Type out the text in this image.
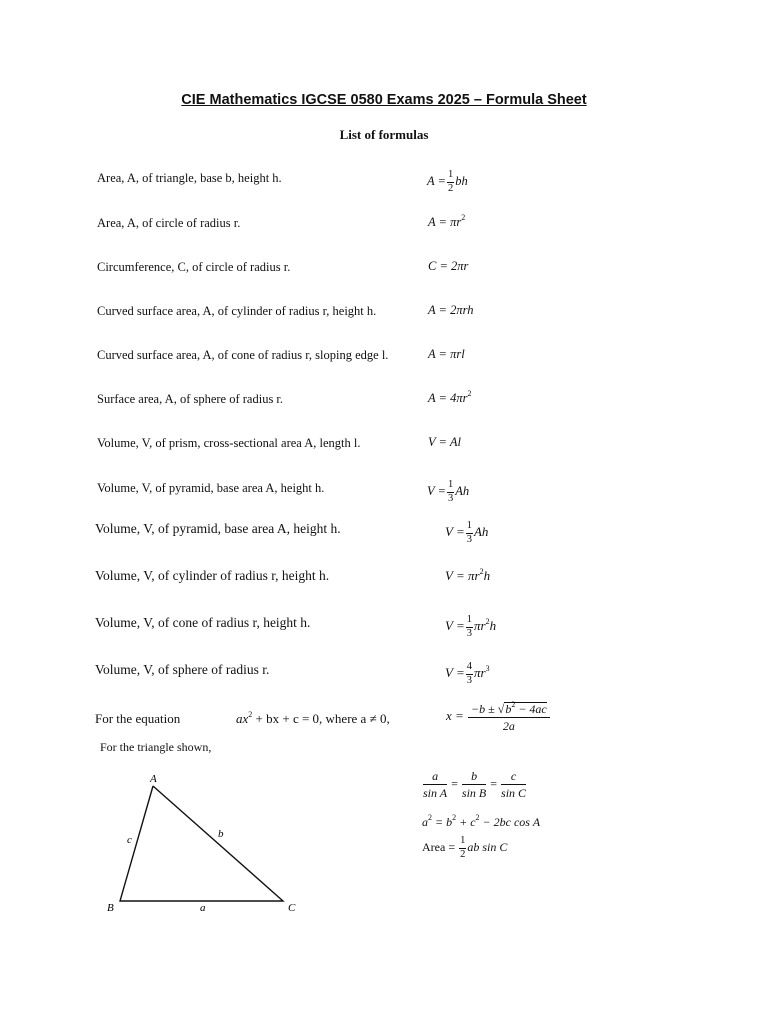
CIE Mathematics IGCSE 0580 Exams 2025 – Formula Sheet
List of formulas
Area, A, of triangle, base b, height h.	$A = \frac{1}{2}$ bh
Area, A, of circle of radius r.	$A = \pi r^2$
Circumference, C, of circle of radius r.	C = 2πr
Curved surface area, A, of cylinder of radius r, height h.	A = 2πrh
Curved surface area, A, of cone of radius r, sloping edge l.	A = πrl
Surface area, A, of sphere of radius r.	$A = 4\pi r^2$
Volume, V, of prism, cross-sectional area A, length l.	V = Al
Volume, V, of pyramid, base area A, height h.	$V = \frac{1}{3}$ Ah
Volume, V, of pyramid, base area A, height h.	$V = \frac{1}{3}$ Ah
Volume, V, of cylinder of radius r, height h.	$V = \pi r^2h$
Volume, V, of cone of radius r, height h.	$V = \frac{1}{3} \pi r^2h$
Volume, V, of sphere of radius r.	$V = \frac{4}{3} \pi r^3$
For the equation	$ax^2$ + bx + c = 0, where a ≠ 0,	$x = \frac{-b \pm √b^2 - 4ac}{2a}$
For the triangle shown,
A
B	C
a
b
c
$\frac{a}{\text{sin A}} = \frac{b}{\text{sin B}} = \frac{c}{\text{sin C}}$
$a^2 = b^2 + c^2 - 2bc$ cos A
Area = $\frac{1}{2}$ ab sin C
